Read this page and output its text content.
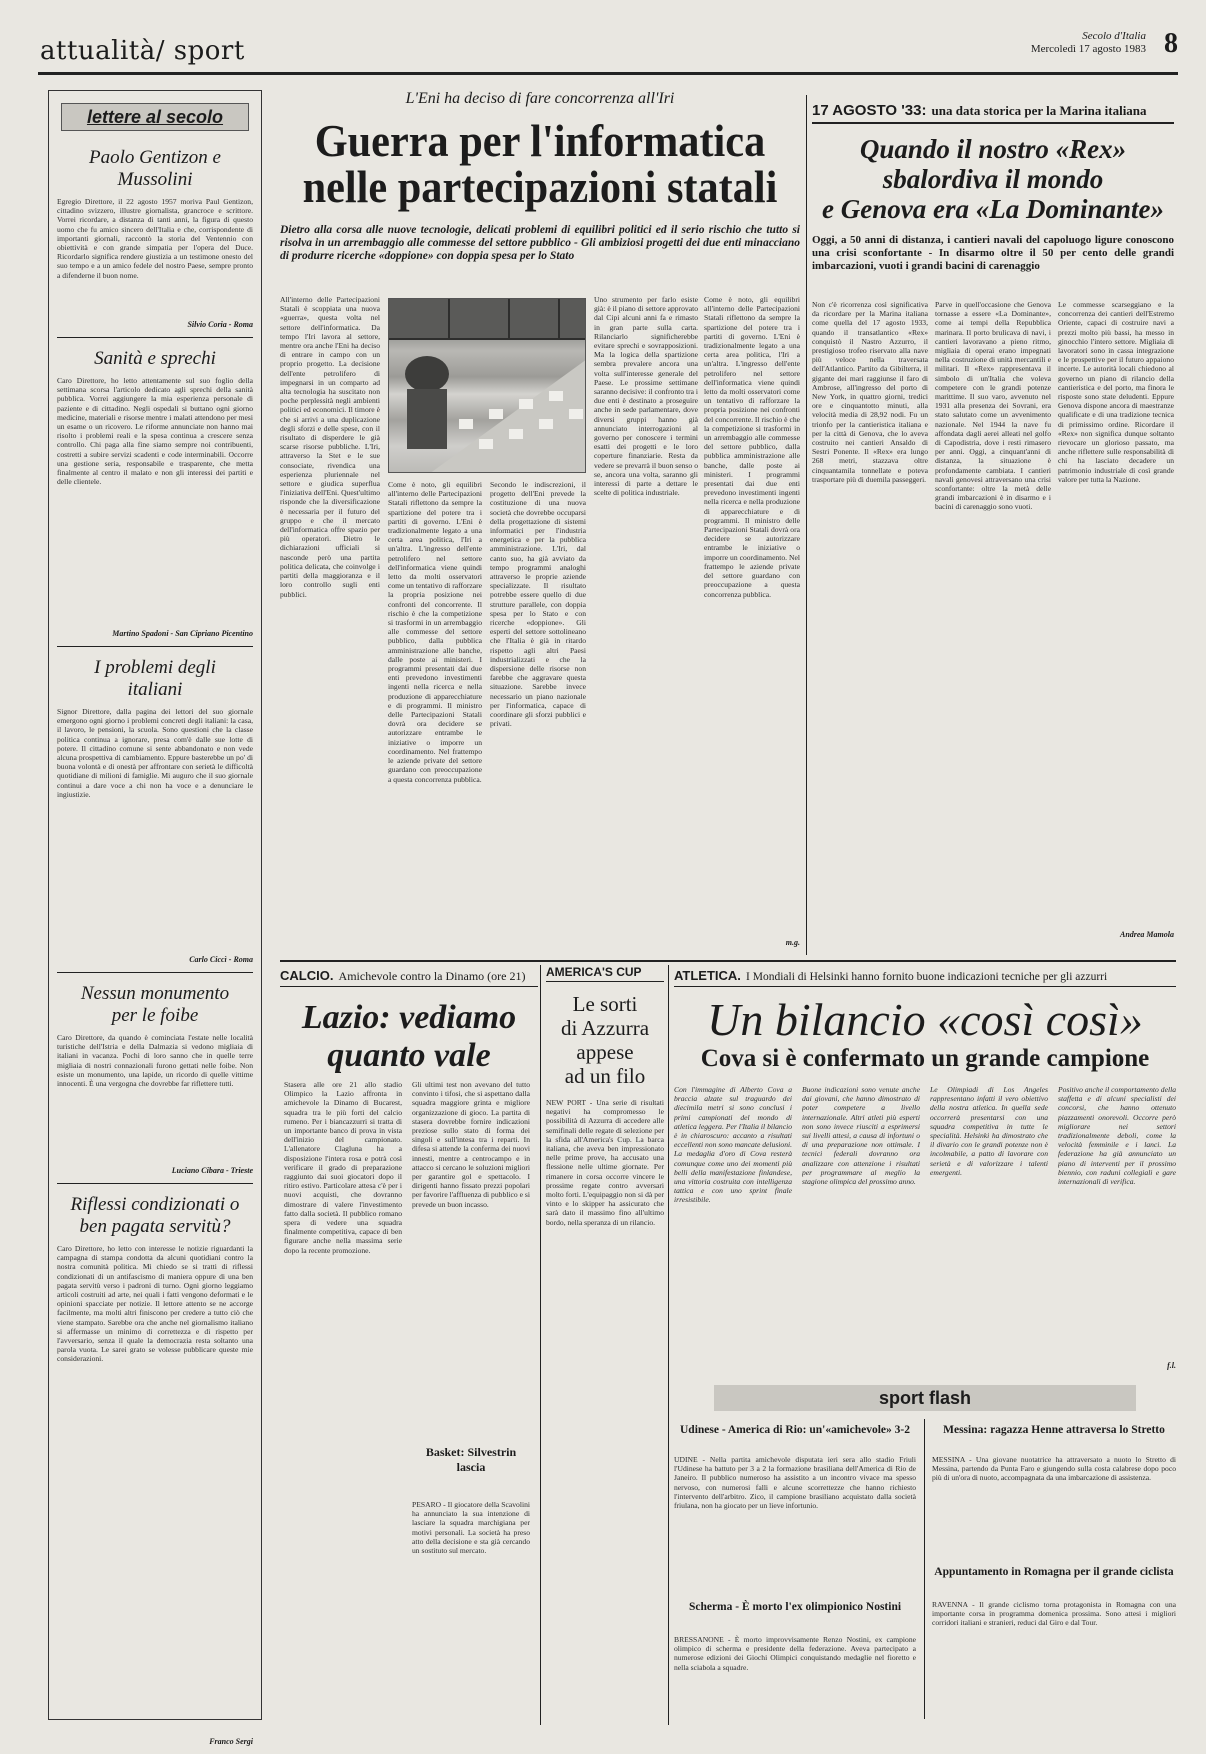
attualità/ sport	Secolo d'Italia
Mercoledì 17 agosto 1983 8
lettere al secolo
Paolo Gentizon e Mussolini
Egregio Direttore, il 22 agosto 1957 moriva Paul Gentizon, cittadino svizzero, illustre giornalista, grancroce e scrittore. Vorrei ricordare, a distanza di tanti anni, la figura di questo uomo che fu amico sincero dell'Italia e che, corrispondente di importanti giornali, raccontò la storia del Ventennio con obiettività e con grande simpatia per l'opera del Duce. Ricordarlo significa rendere giustizia a un testimone onesto del suo tempo e a un amico fedele del nostro Paese, sempre pronto a difenderne il buon nome.
Silvio Coria - Roma
Sanità e sprechi
Caro Direttore, ho letto attentamente sul suo foglio della settimana scorsa l'articolo dedicato agli sprechi della sanità pubblica. Vorrei aggiungere la mia esperienza personale di paziente e di cittadino. Negli ospedali si buttano ogni giorno medicine, materiali e risorse mentre i malati attendono per mesi un esame o un ricovero. Le riforme annunciate non hanno mai risolto i problemi reali e la spesa continua a crescere senza controllo. Chi paga alla fine siamo sempre noi contribuenti, costretti a subire servizi scadenti e code interminabili. Occorre una gestione seria, responsabile e trasparente, che metta finalmente al centro il malato e non gli interessi dei partiti e delle clientele.
Martino Spadoni - San Cipriano Picentino
I problemi degli italiani
Signor Direttore, dalla pagina dei lettori del suo giornale emergono ogni giorno i problemi concreti degli italiani: la casa, il lavoro, le pensioni, la scuola. Sono questioni che la classe politica continua a ignorare, presa com'è dalle sue lotte di potere. Il cittadino comune si sente abbandonato e non vede alcuna prospettiva di cambiamento. Eppure basterebbe un po' di buona volontà e di onestà per affrontare con serietà le difficoltà quotidiane di milioni di famiglie. Mi auguro che il suo giornale continui a dare voce a chi non ha voce e a denunciare le ingiustizie.
Carlo Ciccì - Roma
Nessun monumento per le foibe
Caro Direttore, da quando è cominciata l'estate nelle località turistiche dell'Istria e della Dalmazia si vedono migliaia di italiani in vacanza. Pochi di loro sanno che in quelle terre migliaia di nostri connazionali furono gettati nelle foibe. Non esiste un monumento, una lapide, un ricordo di quelle vittime innocenti. È una vergogna che dovrebbe far riflettere tutti.
Luciano Cibara - Trieste
Riflessi condizionati o ben pagata servitù?
Caro Direttore, ho letto con interesse le notizie riguardanti la campagna di stampa condotta da alcuni quotidiani contro la nostra comunità politica. Mi chiedo se si tratti di riflessi condizionati di un antifascismo di maniera oppure di una ben pagata servitù verso i padroni di turno. Ogni giorno leggiamo articoli costruiti ad arte, nei quali i fatti vengono deformati e le opinioni spacciate per notizie. Il lettore attento se ne accorge facilmente, ma molti altri finiscono per credere a tutto ciò che viene stampato. Sarebbe ora che anche nel giornalismo italiano si affermasse un minimo di correttezza e di rispetto per l'avversario, senza il quale la democrazia resta soltanto una parola vuota. Le sarei grato se volesse pubblicare queste mie considerazioni.
Franco Sergi
L'Eni ha deciso di fare concorrenza all'Iri
Guerra per l'informatica
nelle partecipazioni statali
Dietro alla corsa alle nuove tecnologie, delicati problemi di equilibri politici ed il serio rischio che tutto si risolva in un arrembaggio alle commesse del settore pubblico - Gli ambiziosi progetti dei due enti minacciano di produrre ricerche «doppione» con doppia spesa per lo Stato
All'interno delle Partecipazioni Statali è scoppiata una nuova «guerra», questa volta nel settore dell'informatica. Da tempo l'Iri lavora al settore, mentre ora anche l'Eni ha deciso di entrare in campo con un proprio progetto. La decisione dell'ente petrolifero di impegnarsi in un comparto ad alta tecnologia ha suscitato non poche perplessità negli ambienti politici ed economici. Il timore è che si arrivi a una duplicazione degli sforzi e delle spese, con il risultato di disperdere le già scarse risorse pubbliche. L'Iri, attraverso la Stet e le sue consociate, rivendica una esperienza pluriennale nel settore e giudica superflua l'iniziativa dell'Eni. Quest'ultimo risponde che la diversificazione è necessaria per il futuro del gruppo e che il mercato dell'informatica offre spazio per più operatori. Dietro le dichiarazioni ufficiali si nasconde però una partita politica delicata, che coinvolge i partiti della maggioranza e il loro controllo sugli enti pubblici.
Come è noto, gli equilibri all'interno delle Partecipazioni Statali riflettono da sempre la spartizione del potere tra i partiti di governo. L'Eni è tradizionalmente legato a una certa area politica, l'Iri a un'altra. L'ingresso dell'ente petrolifero nel settore dell'informatica viene quindi letto da molti osservatori come un tentativo di rafforzare la propria posizione nei confronti del concorrente. Il rischio è che la competizione si trasformi in un arrembaggio alle commesse del settore pubblico, dalla pubblica amministrazione alle banche, dalle poste ai ministeri. I programmi presentati dai due enti prevedono investimenti ingenti nella ricerca e nella produzione di apparecchiature e di programmi. Il ministro delle Partecipazioni Statali dovrà ora decidere se autorizzare entrambe le iniziative o imporre un coordinamento. Nel frattempo le aziende private del settore guardano con preoccupazione a questa concorrenza pubblica.
Secondo le indiscrezioni, il progetto dell'Eni prevede la costituzione di una nuova società che dovrebbe occuparsi della progettazione di sistemi informatici per l'industria energetica e per la pubblica amministrazione. L'Iri, dal canto suo, ha già avviato da tempo programmi analoghi attraverso le proprie aziende specializzate. Il risultato potrebbe essere quello di due strutture parallele, con doppia spesa per lo Stato e con ricerche «doppione». Gli esperti del settore sottolineano che l'Italia è già in ritardo rispetto agli altri Paesi industrializzati e che la dispersione delle risorse non farebbe che aggravare questa situazione. Sarebbe invece necessario un piano nazionale per l'informatica, capace di coordinare gli sforzi pubblici e privati.
Uno strumento per farlo esiste già: è il piano di settore approvato dal Cipi alcuni anni fa e rimasto in gran parte sulla carta. Rilanciarlo significherebbe evitare sprechi e sovrapposizioni. Ma la logica della spartizione sembra prevalere ancora una volta sull'interesse generale del Paese. Le prossime settimane saranno decisive: il confronto tra i due enti è destinato a proseguire anche in sede parlamentare, dove diversi gruppi hanno già annunciato interrogazioni al governo per conoscere i termini esatti dei progetti e le loro coperture finanziarie. Resta da vedere se prevarrà il buon senso o se, ancora una volta, saranno gli interessi di parte a dettare le scelte di politica industriale.
Come è noto, gli equilibri all'interno delle Partecipazioni Statali riflettono da sempre la spartizione del potere tra i partiti di governo. L'Eni è tradizionalmente legato a una certa area politica, l'Iri a un'altra. L'ingresso dell'ente petrolifero nel settore dell'informatica viene quindi letto da molti osservatori come un tentativo di rafforzare la propria posizione nei confronti del concorrente. Il rischio è che la competizione si trasformi in un arrembaggio alle commesse del settore pubblico, dalla pubblica amministrazione alle banche, dalle poste ai ministeri. I programmi presentati dai due enti prevedono investimenti ingenti nella ricerca e nella produzione di apparecchiature e di programmi. Il ministro delle Partecipazioni Statali dovrà ora decidere se autorizzare entrambe le iniziative o imporre un coordinamento. Nel frattempo le aziende private del settore guardano con preoccupazione a questa concorrenza pubblica.
m.g.
17 AGOSTO '33: una data storica per la Marina italiana
Quando il nostro «Rex»
sbalordiva il mondo
e Genova era «La Dominante»
Oggi, a 50 anni di distanza, i cantieri navali del capoluogo ligure conoscono una crisi sconfortante - In disarmo oltre il 50 per cento delle grandi imbarcazioni, vuoti i grandi bacini di carenaggio
Non c'è ricorrenza così significativa da ricordare per la Marina italiana come quella del 17 agosto 1933, quando il transatlantico «Rex» conquistò il Nastro Azzurro, il prestigioso trofeo riservato alla nave più veloce nella traversata dell'Atlantico. Partito da Gibilterra, il gigante dei mari raggiunse il faro di Ambrose, all'ingresso del porto di New York, in quattro giorni, tredici ore e cinquantotto minuti, alla velocità media di 28,92 nodi. Fu un trionfo per la cantieristica italiana e per la città di Genova, che lo aveva costruito nei cantieri Ansaldo di Sestri Ponente. Il «Rex» era lungo 268 metri, stazzava oltre cinquantamila tonnellate e poteva trasportare più di duemila passeggeri.
Parve in quell'occasione che Genova tornasse a essere «La Dominante», come ai tempi della Repubblica marinara. Il porto brulicava di navi, i cantieri lavoravano a pieno ritmo, migliaia di operai erano impegnati nella costruzione di unità mercantili e militari. Il «Rex» rappresentava il simbolo di un'Italia che voleva competere con le grandi potenze marittime. Il suo varo, avvenuto nel 1931 alla presenza dei Sovrani, era stato salutato come un avvenimento nazionale. Nel 1944 la nave fu affondata dagli aerei alleati nel golfo di Capodistria, dove i resti rimasero per anni. Oggi, a cinquant'anni di distanza, la situazione è profondamente cambiata. I cantieri navali genovesi attraversano una crisi sconfortante: oltre la metà delle grandi imbarcazioni è in disarmo e i bacini di carenaggio sono vuoti.
Le commesse scarseggiano e la concorrenza dei cantieri dell'Estremo Oriente, capaci di costruire navi a prezzi molto più bassi, ha messo in ginocchio l'intero settore. Migliaia di lavoratori sono in cassa integrazione e le prospettive per il futuro appaiono incerte. Le autorità locali chiedono al governo un piano di rilancio della cantieristica e del porto, ma finora le risposte sono state deludenti. Eppure Genova dispone ancora di maestranze qualificate e di una tradizione tecnica di primissimo ordine. Ricordare il «Rex» non significa dunque soltanto rievocare un glorioso passato, ma anche riflettere sulle responsabilità di chi ha lasciato decadere un patrimonio industriale di così grande valore per tutta la Nazione.
Andrea Mamola
CALCIO. Amichevole contro la Dinamo (ore 21)
Lazio: vediamo
quanto vale
Stasera alle ore 21 allo stadio Olimpico la Lazio affronta in amichevole la Dinamo di Bucarest, squadra tra le più forti del calcio rumeno. Per i biancazzurri si tratta di un importante banco di prova in vista dell'inizio del campionato. L'allenatore Clagluna ha a disposizione l'intera rosa e potrà così verificare il grado di preparazione raggiunto dai suoi giocatori dopo il ritiro estivo. Particolare attesa c'è per i nuovi acquisti, che dovranno dimostrare di valere l'investimento fatto dalla società. Il pubblico romano spera di vedere una squadra finalmente competitiva, capace di ben figurare anche nella massima serie dopo la recente promozione.
Gli ultimi test non avevano del tutto convinto i tifosi, che si aspettano dalla squadra maggiore grinta e migliore organizzazione di gioco. La partita di stasera dovrebbe fornire indicazioni preziose sullo stato di forma dei singoli e sull'intesa tra i reparti. In difesa si attende la conferma dei nuovi innesti, mentre a centrocampo e in attacco si cercano le soluzioni migliori per garantire gol e spettacolo. I dirigenti hanno fissato prezzi popolari per favorire l'affluenza di pubblico e si prevede un buon incasso.
Basket: Silvestrin lascia
PESARO - Il giocatore della Scavolini ha annunciato la sua intenzione di lasciare la squadra marchigiana per motivi personali. La società ha preso atto della decisione e sta già cercando un sostituto sul mercato.
AMERICA'S CUP
Le sorti
di Azzurra
appese
ad un filo
NEW PORT - Una serie di risultati negativi ha compromesso le possibilità di Azzurra di accedere alle semifinali delle regate di selezione per la sfida all'America's Cup. La barca italiana, che aveva ben impressionato nelle prime prove, ha accusato una flessione nelle ultime giornate. Per rimanere in corsa occorre vincere le prossime regate contro avversari molto forti. L'equipaggio non si dà per vinto e lo skipper ha assicurato che sarà dato il massimo fino all'ultimo bordo, nella speranza di un rilancio.
ATLETICA. I Mondiali di Helsinki hanno fornito buone indicazioni tecniche per gli azzurri
Un bilancio «così così»
Cova si è confermato un grande campione
Con l'immagine di Alberto Cova a braccia alzate sul traguardo dei diecimila metri si sono conclusi i primi campionati del mondo di atletica leggera. Per l'Italia il bilancio è in chiaroscuro: accanto a risultati eccellenti non sono mancate delusioni. La medaglia d'oro di Cova resterà comunque come uno dei momenti più belli della manifestazione finlandese, una vittoria costruita con intelligenza tattica e con uno sprint finale irresistibile.
Buone indicazioni sono venute anche dai giovani, che hanno dimostrato di poter competere a livello internazionale. Altri atleti più esperti non sono invece riusciti a esprimersi sui livelli attesi, a causa di infortuni o di una preparazione non ottimale. I tecnici federali dovranno ora analizzare con attenzione i risultati per programmare al meglio la stagione olimpica del prossimo anno.
Le Olimpiadi di Los Angeles rappresentano infatti il vero obiettivo della nostra atletica. In quella sede occorrerà presentarsi con una squadra competitiva in tutte le specialità. Helsinki ha dimostrato che il divario con le grandi potenze non è incolmabile, a patto di lavorare con serietà e di valorizzare i talenti emergenti.
Positivo anche il comportamento della staffetta e di alcuni specialisti dei concorsi, che hanno ottenuto piazzamenti onorevoli. Occorre però migliorare nei settori tradizionalmente deboli, come la velocità femminile e i lanci. La federazione ha già annunciato un piano di interventi per il prossimo biennio, con raduni collegiali e gare internazionali di verifica.
f.l.
sport flash
Udinese - America di Rio: un'«amichevole» 3-2
UDINE - Nella partita amichevole disputata ieri sera allo stadio Friuli l'Udinese ha battuto per 3 a 2 la formazione brasiliana dell'America di Rio de Janeiro. Il pubblico numeroso ha assistito a un incontro vivace ma spesso nervoso, con numerosi falli e alcune scorrettezze che hanno richiesto l'intervento dell'arbitro. Zico, il campione brasiliano acquistato dalla società friulana, non ha giocato per un lieve infortunio.
Scherma - È morto l'ex olimpionico Nostini
BRESSANONE - È morto improvvisamente Renzo Nostini, ex campione olimpico di scherma e presidente della federazione. Aveva partecipato a numerose edizioni dei Giochi Olimpici conquistando medaglie nel fioretto e nella sciabola a squadre.
Messina: ragazza Henne attraversa lo Stretto
MESSINA - Una giovane nuotatrice ha attraversato a nuoto lo Stretto di Messina, partendo da Punta Faro e giungendo sulla costa calabrese dopo poco più di un'ora di nuoto, accompagnata da una imbarcazione di assistenza.
Appuntamento in Romagna per il grande ciclista
RAVENNA - Il grande ciclismo torna protagonista in Romagna con una importante corsa in programma domenica prossima. Sono attesi i migliori corridori italiani e stranieri, reduci dal Giro e dal Tour.
